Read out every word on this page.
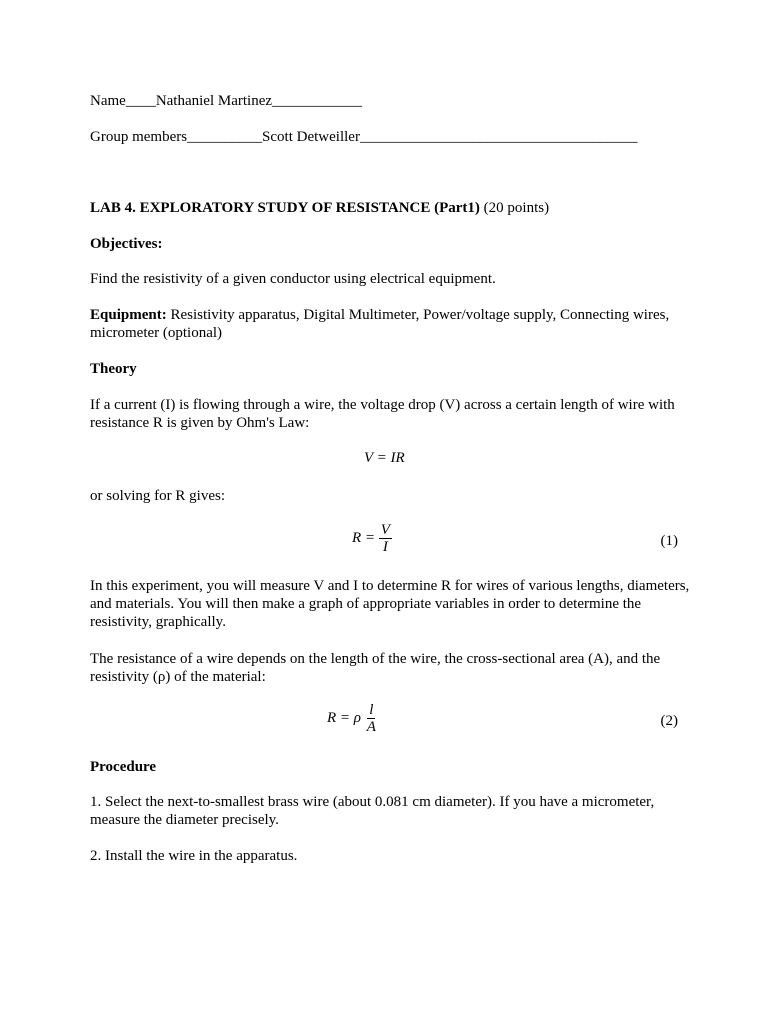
Name____Nathaniel Martinez____________

Group members__________Scott Detweiller_____________________________________

LAB 4. EXPLORATORY STUDY OF RESISTANCE (Part1) (20 points)

Objectives:

Find the resistivity of a given conductor using electrical equipment.

Equipment: Resistivity apparatus, Digital Multimeter, Power/voltage supply, Connecting wires, micrometer (optional)

Theory

If a current (I) is flowing through a wire, the voltage drop (V) across a certain length of wire with resistance R is given by Ohm's Law:

V = IR

or solving for R gives:

$R = \frac{V}{I}$	(1)

In this experiment, you will measure V and I to determine R for wires of various lengths, diameters, and materials. You will then make a graph of appropriate variables in order to determine the resistivity, graphically.

The resistance of a wire depends on the length of the wire, the cross-sectional area (A), and the resistivity (ρ) of the material:

R = ρ $\frac{l}{A}$	(2)

Procedure

1. Select the next-to-smallest brass wire (about 0.081 cm diameter). If you have a micrometer, measure the diameter precisely.

2. Install the wire in the apparatus.
